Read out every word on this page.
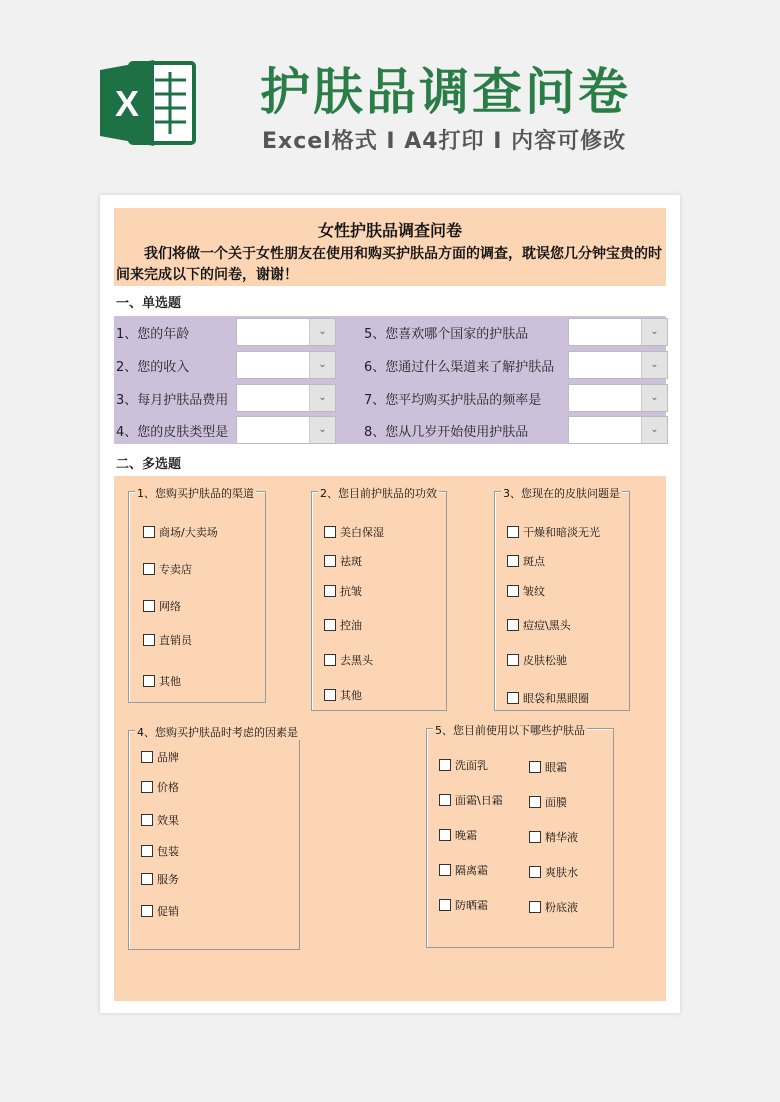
X 护肤品调查问卷
Excel格式 I A4打印 I 内容可修改
女性护肤品调查问卷

我们将做一个关于女性朋友在使用和购买护肤品方面的调查，耽误您几分钟宝贵的时间来完成以下的问卷，谢谢！

一、单选题
1、您的年龄	⌄
2、您的收入	⌄
3、每月护肤品费用	⌄
4、您的皮肤类型是	⌄
5、您喜欢哪个国家的护肤品	⌄
6、您通过什么渠道来了解护肤品	⌄
7、您平均购买护肤品的频率是	⌄
8、您从几岁开始使用护肤品	⌄
二、多选题
1、您购买护肤品的渠道
商场/大卖场
专卖店
网络
直销员
其他
2、您目前护肤品的功效
美白保湿
祛斑
抗皱
控油
去黑头
其他
3、您现在的皮肤问题是
干燥和暗淡无光
斑点
皱纹
痘痘\黑头
皮肤松驰
眼袋和黑眼圈
4、您购买护肤品时考虑的因素是
品牌
价格
效果
包装
服务
促销
5、您目前使用以下哪些护肤品
洗面乳	眼霜
面霜\日霜	面膜
晚霜	精华液
隔离霜	爽肤水
防晒霜	粉底液
